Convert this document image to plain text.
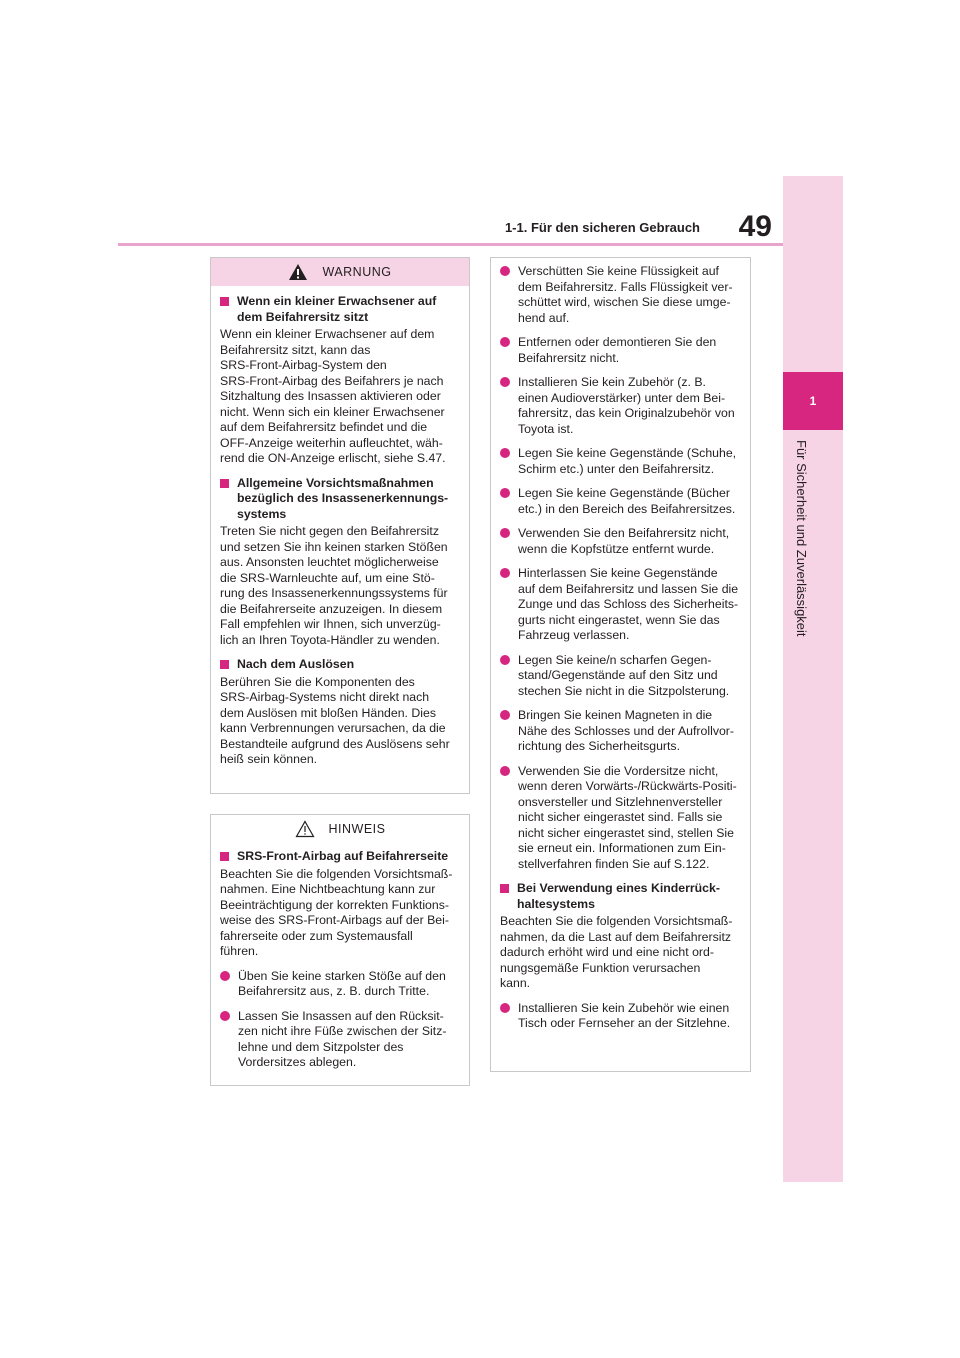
49
1-1. Für den sicheren Gebrauch
1
Für Sicherheit und Zuverlässigkeit
WARNUNG
Wenn ein kleiner Erwachsener auf
dem Beifahrersitz sitzt

Wenn ein kleiner Erwachsener auf dem
Beifahrersitz sitzt, kann das
SRS-Front-Airbag-System den
SRS-Front-Airbag des Beifahrers je nach
Sitzhaltung des Insassen aktivieren oder
nicht. Wenn sich ein kleiner Erwachsener
auf dem Beifahrersitz befindet und die
OFF-Anzeige weiterhin aufleuchtet, wäh-
rend die ON-Anzeige erlischt, siehe S.47.

Allgemeine Vorsichtsmaßnahmen
bezüglich des Insassenerkennungs-
systems

Treten Sie nicht gegen den Beifahrersitz
und setzen Sie ihn keinen starken Stößen
aus. Ansonsten leuchtet möglicherweise
die SRS-Warnleuchte auf, um eine Stö-
rung des Insassenerkennungssystems für
die Beifahrerseite anzuzeigen. In diesem
Fall empfehlen wir Ihnen, sich unverzüg-
lich an Ihren Toyota-Händler zu wenden.

Nach dem Auslösen

Berühren Sie die Komponenten des
SRS-Airbag-Systems nicht direkt nach
dem Auslösen mit bloßen Händen. Dies
kann Verbrennungen verursachen, da die
Bestandteile aufgrund des Auslösens sehr
heiß sein können.

HINWEIS
SRS-Front-Airbag auf Beifahrerseite

Beachten Sie die folgenden Vorsichtsmaß-
nahmen. Eine Nichtbeachtung kann zur
Beeinträchtigung der korrekten Funktions-
weise des SRS-Front-Airbags auf der Bei-
fahrerseite oder zum Systemausfall
führen.

Üben Sie keine starken Stöße auf den
Beifahrersitz aus, z. B. durch Tritte.
Lassen Sie Insassen auf den Rücksit-
zen nicht ihre Füße zwischen der Sitz-
lehne und dem Sitzpolster des
Vordersitzes ablegen.
Verschütten Sie keine Flüssigkeit auf
dem Beifahrersitz. Falls Flüssigkeit ver-
schüttet wird, wischen Sie diese umge-
hend auf.
Entfernen oder demontieren Sie den
Beifahrersitz nicht.
Installieren Sie kein Zubehör (z. B.
einen Audioverstärker) unter dem Bei-
fahrersitz, das kein Originalzubehör von
Toyota ist.
Legen Sie keine Gegenstände (Schuhe,
Schirm etc.) unter den Beifahrersitz.
Legen Sie keine Gegenstände (Bücher
etc.) in den Bereich des Beifahrersitzes.
Verwenden Sie den Beifahrersitz nicht,
wenn die Kopfstütze entfernt wurde.
Hinterlassen Sie keine Gegenstände
auf dem Beifahrersitz und lassen Sie die
Zunge und das Schloss des Sicherheits-
gurts nicht eingerastet, wenn Sie das
Fahrzeug verlassen.
Legen Sie keine/n scharfen Gegen-
stand/Gegenstände auf den Sitz und
stechen Sie nicht in die Sitzpolsterung.
Bringen Sie keinen Magneten in die
Nähe des Schlosses und der Aufrollvor-
richtung des Sicherheitsgurts.
Verwenden Sie die Vordersitze nicht,
wenn deren Vorwärts-/Rückwärts-Positi-
onsversteller und Sitzlehnenversteller
nicht sicher eingerastet sind. Falls sie
nicht sicher eingerastet sind, stellen Sie
sie erneut ein. Informationen zum Ein-
stellverfahren finden Sie auf S.122.
Bei Verwendung eines Kinderrück-
haltesystems

Beachten Sie die folgenden Vorsichtsmaß-
nahmen, da die Last auf dem Beifahrersitz
dadurch erhöht wird und eine nicht ord-
nungsgemäße Funktion verursachen
kann.

Installieren Sie kein Zubehör wie einen
Tisch oder Fernseher an der Sitzlehne.
